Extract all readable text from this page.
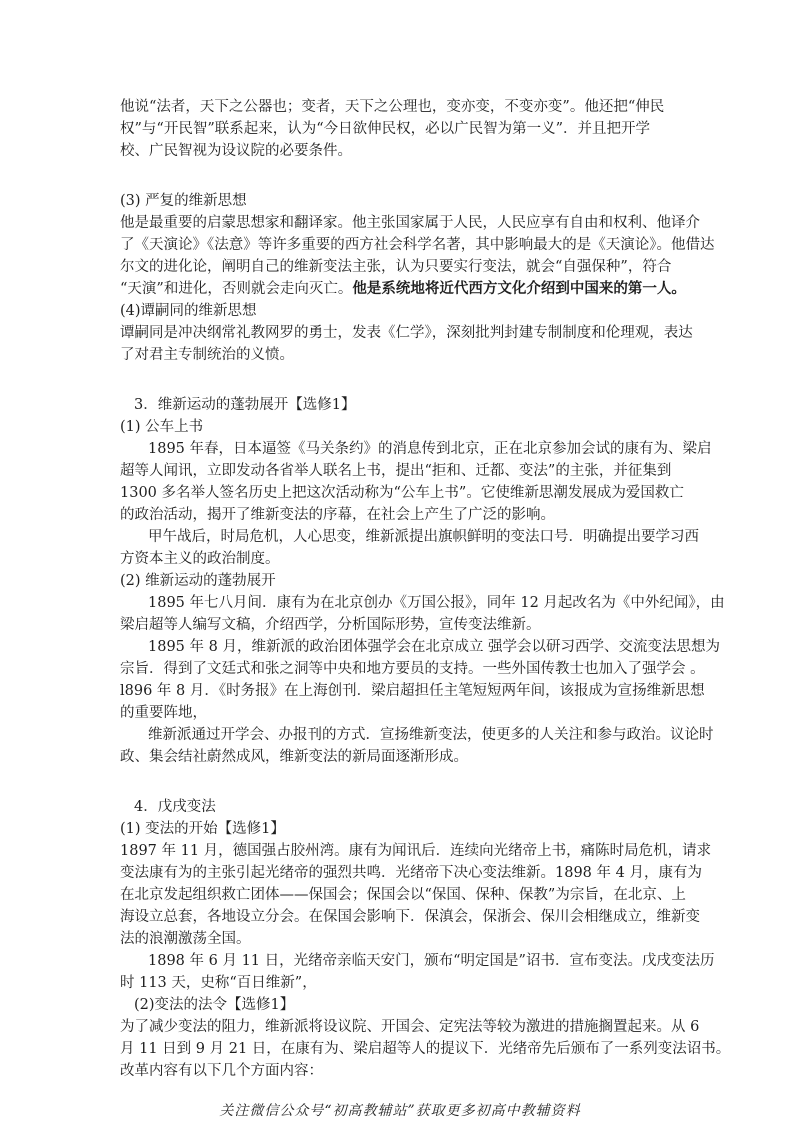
他说“法者，天下之公器也；变者，天下之公理也，变亦变，不变亦变”。他还把“伸民
权”与“开民智”联系起来，认为“今日欲伸民权，必以广民智为第一义”．并且把开学
校、广民智视为设议院的必要条件。
(3) 严复的维新思想
他是最重要的启蒙思想家和翻译家。他主张国家属于人民，人民应享有自由和权利、他译介
了《天演论》《法意》等许多重要的西方社会科学名著，其中影响最大的是《天演论》。他借达
尔文的进化论，阐明自己的维新变法主张，认为只要实行变法，就会“自强保种”，符合
“天演”和进化，否则就会走向灭亡。他是系统地将近代西方文化介绍到中国来的第一人。
(4)谭嗣同的维新思想
谭嗣同是冲决纲常礼教网罗的勇士，发表《仁学》，深刻批判封建专制制度和伦理观，表达
了对君主专制统治的义愤。
3．维新运动的蓬勃展开【选修1】
(1) 公车上书
1895 年春，日本逼签《马关条约》的消息传到北京，正在北京参加会试的康有为、梁启
超等人闻讯，立即发动各省举人联名上书，提出“拒和、迁都、变法”的主张，并征集到
1300 多名举人签名历史上把这次活动称为“公车上书”。它使维新思潮发展成为爱国救亡
的政治活动，揭开了维新变法的序幕，在社会上产生了广泛的影响。
甲午战后，时局危机，人心思变，维新派提出旗帜鲜明的变法口号．明确提出要学习西
方资本主义的政治制度。
(2) 维新运动的蓬勃展开
1895 年七八月间．康有为在北京创办《万国公报》，同年 12 月起改名为《中外纪闻》，由
梁启超等人编写文稿，介绍西学，分析国际形势，宣传变法维新。
1895 年 8 月，维新派的政治团体强学会在北京成立 强学会以研习西学、交流变法思想为
宗旨．得到了文廷式和张之洞等中央和地方要员的支持。一些外国传教士也加入了强学会 。
l896 年 8 月．《时务报》在上海创刊．梁启超担任主笔短短两年间，该报成为宣扬维新思想
的重要阵地，
维新派通过开学会、办报刊的方式．宣扬维新变法，使更多的人关注和参与政治。议论时
政、集会结社蔚然成风，维新变法的新局面逐渐形成。
4．戊戌变法
(1) 变法的开始【选修1】
1897 年 11 月，德国强占胶州湾。康有为闻讯后．连续向光绪帝上书，痛陈时局危机，请求
变法康有为的主张引起光绪帝的强烈共鸣．光绪帝下决心变法维新。1898 年 4 月，康有为
在北京发起组织救亡团体——保国会；保国会以“保国、保种、保教”为宗旨，在北京、上
海设立总套，各地设立分会。在保国会影响下．保滇会，保浙会、保川会相继成立，维新变
法的浪潮激荡全国。
1898 年 6 月 11 日，光绪帝亲临天安门，颁布“明定国是”诏书．宣布变法。戊戌变法历
时 113 天，史称“百日维新”，
(2)变法的法令【选修1】
为了减少变法的阻力，维新派将设议院、开国会、定宪法等较为激进的措施搁置起来。从 6
月 11 日到 9 月 21 日，在康有为、梁启超等人的提议下．光绪帝先后颁布了一系列变法诏书。
改革内容有以下几个方面内容：
关注微信公众号“初高教辅站”获取更多初高中教辅资料
